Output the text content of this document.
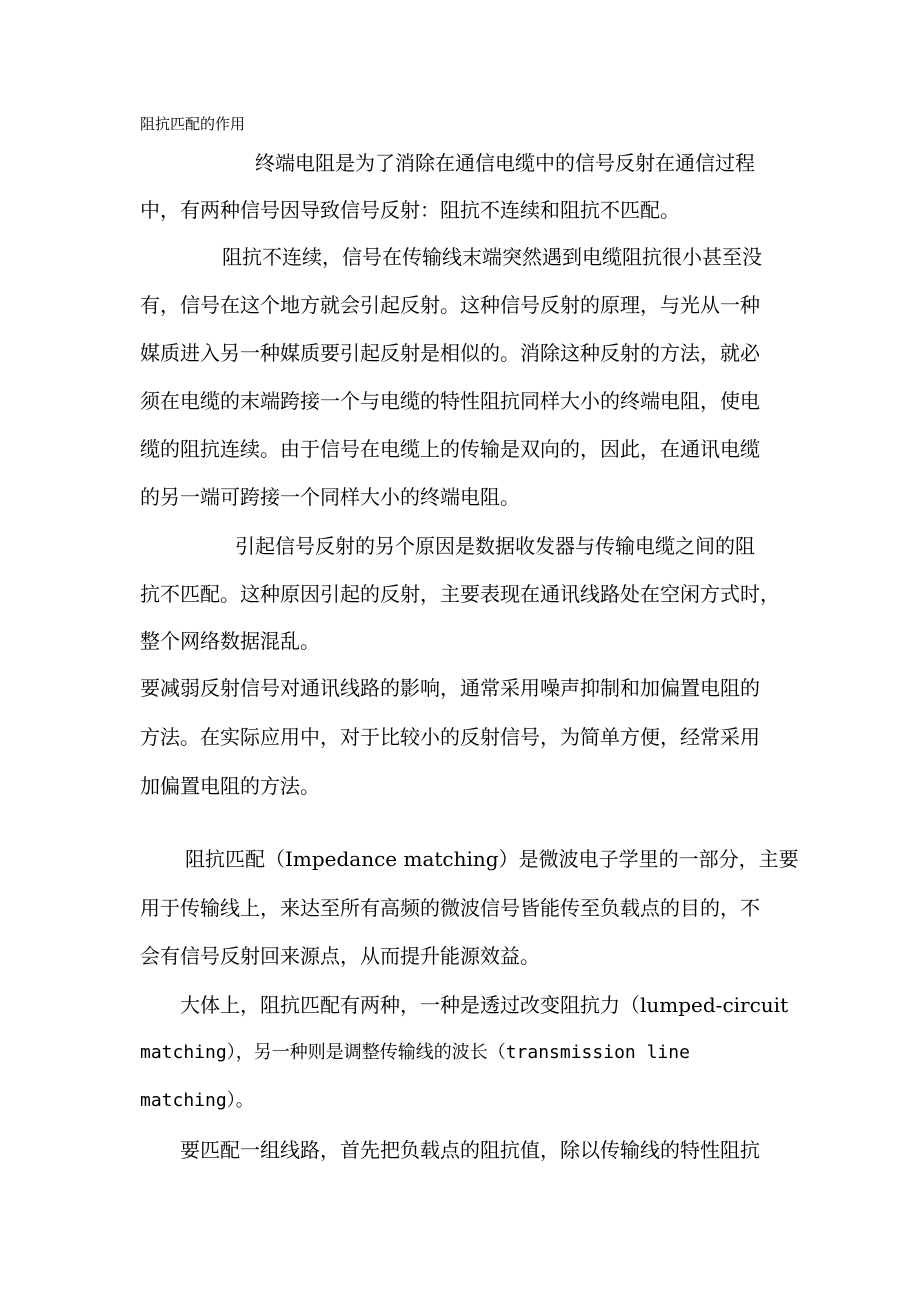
阻抗匹配的作用
终端电阻是为了消除在通信电缆中的信号反射在通信过程
中，有两种信号因导致信号反射：阻抗不连续和阻抗不匹配。
阻抗不连续，信号在传输线末端突然遇到电缆阻抗很小甚至没
有，信号在这个地方就会引起反射。这种信号反射的原理，与光从一种
媒质进入另一种媒质要引起反射是相似的。消除这种反射的方法，就必
须在电缆的末端跨接一个与电缆的特性阻抗同样大小的终端电阻，使电
缆的阻抗连续。由于信号在电缆上的传输是双向的，因此，在通讯电缆
的另一端可跨接一个同样大小的终端电阻。
引起信号反射的另个原因是数据收发器与传输电缆之间的阻
抗不匹配。这种原因引起的反射，主要表现在通讯线路处在空闲方式时，
整个网络数据混乱。
要减弱反射信号对通讯线路的影响，通常采用噪声抑制和加偏置电阻的
方法。在实际应用中，对于比较小的反射信号，为简单方便，经常采用
加偏置电阻的方法。
阻抗匹配（Impedance matching）是微波电子学里的一部分，主要
用于传输线上，来达至所有高频的微波信号皆能传至负载点的目的，不
会有信号反射回来源点，从而提升能源效益。
大体上，阻抗匹配有两种，一种是透过改变阻抗力（lumped-circuit
matching），另一种则是调整传输线的波长（transmission line
matching）。
要匹配一组线路，首先把负载点的阻抗值，除以传输线的特性阻抗
